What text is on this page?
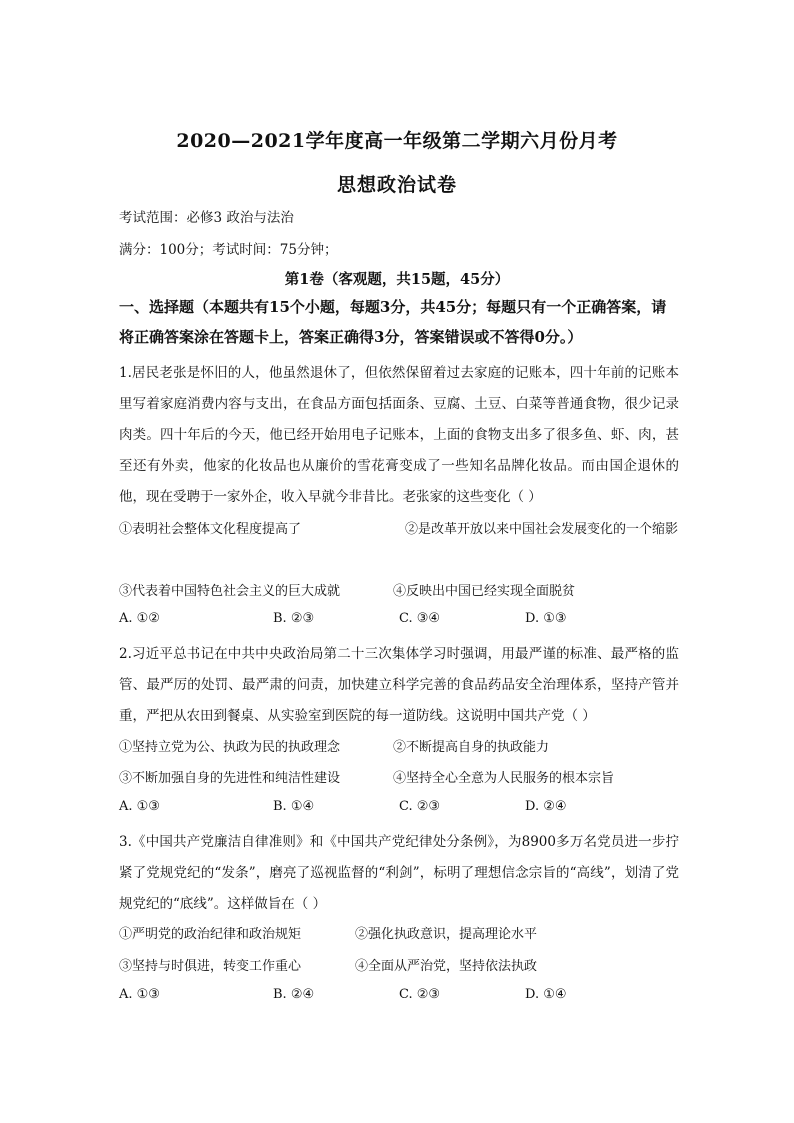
2020—2021学年度高一年级第二学期六月份月考
思想政治试卷
考试范围：必修3 政治与法治
满分：100分；考试时间：75分钟；
第1卷（客观题，共15题，45分）
一、选择题（本题共有15个小题，每题3分，共45分；每题只有一个正确答案，请将正确答案涂在答题卡上，答案正确得3分，答案错误或不答得0分。）
1.居民老张是怀旧的人，他虽然退休了，但依然保留着过去家庭的记账本，四十年前的记账本里写着家庭消费内容与支出，在食品方面包括面条、豆腐、土豆、白菜等普通食物，很少记录肉类。四十年后的今天，他已经开始用电子记账本，上面的食物支出多了很多鱼、虾、肉，甚至还有外卖，他家的化妆品也从廉价的雪花膏变成了一些知名品牌化妆品。而由国企退休的他，现在受聘于一家外企，收入早就今非昔比。老张家的这些变化（ ）
①表明社会整体文化程度提高了	②是改革开放以来中国社会发展变化的一个缩影
③代表着中国特色社会主义的巨大成就	④反映出中国已经实现全面脱贫
A. ①②	B. ②③	C. ③④	D. ①③
2.习近平总书记在中共中央政治局第二十三次集体学习时强调，用最严谨的标准、最严格的监管、最严厉的处罚、最严肃的问责，加快建立科学完善的食品药品安全治理体系，坚持产管并重，严把从农田到餐桌、从实验室到医院的每一道防线。这说明中国共产党（ ）
①坚持立党为公、执政为民的执政理念	②不断提高自身的执政能力
③不断加强自身的先进性和纯洁性建设	④坚持全心全意为人民服务的根本宗旨
A. ①③	B. ①④	C. ②③	D. ②④
3.《中国共产党廉洁自律准则》和《中国共产党纪律处分条例》，为8900多万名党员进一步拧紧了党规党纪的“发条”，磨亮了巡视监督的“利剑”，标明了理想信念宗旨的“高线”，划清了党规党纪的“底线”。这样做旨在（ ）
①严明党的政治纪律和政治规矩	②强化执政意识，提高理论水平
③坚持与时俱进，转变工作重心	④全面从严治党，坚持依法执政
A. ①③	B. ②④	C. ②③	D. ①④
